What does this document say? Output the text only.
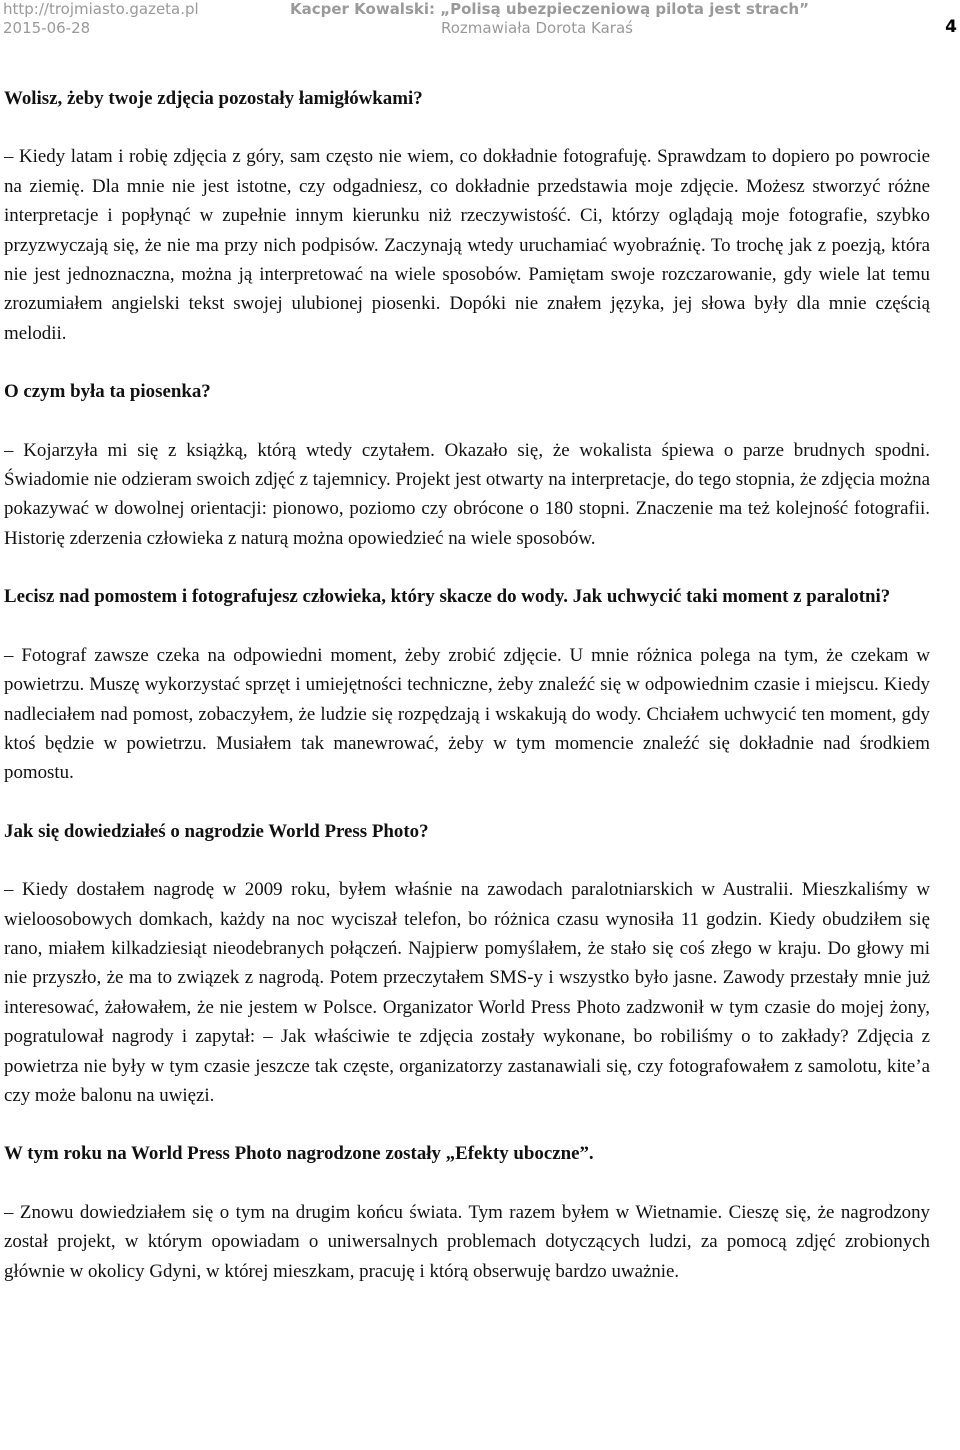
http://trojmiasto.gazeta.pl
2015-06-28
Kacper Kowalski: „Polisą ubezpieczeniową pilota jest strach”
Rozmawiała Dorota Karaś	4

Wolisz, żeby twoje zdjęcia pozostały łamigłówkami?

– Kiedy latam i robię zdjęcia z góry, sam często nie wiem, co dokładnie fotografuję. Sprawdzam to dopiero po powrocie na ziemię. Dla mnie nie jest istotne, czy odgadniesz, co dokładnie przedstawia moje zdjęcie. Możesz stworzyć różne interpretacje i popłynąć w zupełnie innym kierunku niż rzeczywistość. Ci, którzy oglądają moje fotografie, szybko przyzwyczają się, że nie ma przy nich podpisów. Zaczynają wtedy uruchamiać wyobraźnię. To trochę jak z poezją, która nie jest jednoznaczna, można ją interpretować na wiele sposobów. Pamiętam swoje rozczarowanie, gdy wiele lat temu zrozumiałem angielski tekst swojej ulubionej piosenki. Dopóki nie znałem języka, jej słowa były dla mnie częścią melodii.

O czym była ta piosenka?

– Kojarzyła mi się z książką, którą wtedy czytałem. Okazało się, że wokalista śpiewa o parze brudnych spodni. Świadomie nie odzieram swoich zdjęć z tajemnicy. Projekt jest otwarty na interpretacje, do tego stopnia, że zdjęcia można pokazywać w dowolnej orientacji: pionowo, poziomo czy obrócone o 180 stopni. Znaczenie ma też kolejność fotografii. Historię zderzenia człowieka z naturą można opowiedzieć na wiele sposobów.

Lecisz nad pomostem i fotografujesz człowieka, który skacze do wody. Jak uchwycić taki moment z paralotni?

– Fotograf zawsze czeka na odpowiedni moment, żeby zrobić zdjęcie. U mnie różnica polega na tym, że czekam w powietrzu. Muszę wykorzystać sprzęt i umiejętności techniczne, żeby znaleźć się w odpowiednim czasie i miejscu. Kiedy nadleciałem nad pomost, zobaczyłem, że ludzie się rozpędzają i wskakują do wody. Chciałem uchwycić ten moment, gdy ktoś będzie w powietrzu. Musiałem tak manewrować, żeby w tym momencie znaleźć się dokładnie nad środkiem pomostu.

Jak się dowiedziałeś o nagrodzie World Press Photo?

– Kiedy dostałem nagrodę w 2009 roku, byłem właśnie na zawodach paralotniarskich w Australii. Mieszkaliśmy w wieloosobowych domkach, każdy na noc wyciszał telefon, bo różnica czasu wynosiła 11 godzin. Kiedy obudziłem się rano, miałem kilkadziesiąt nieodebranych połączeń. Najpierw pomyślałem, że stało się coś złego w kraju. Do głowy mi nie przyszło, że ma to związek z nagrodą. Potem przeczytałem SMS-y i wszystko było jasne. Zawody przestały mnie już interesować, żałowałem, że nie jestem w Polsce. Organizator World Press Photo zadzwonił w tym czasie do mojej żony, pogratulował nagrody i zapytał: – Jak właściwie te zdjęcia zostały wykonane, bo robiliśmy o to zakłady? Zdjęcia z powietrza nie były w tym czasie jeszcze tak częste, organizatorzy zastanawiali się, czy fotografowałem z samolotu, kite’a czy może balonu na uwięzi.

W tym roku na World Press Photo nagrodzone zostały „Efekty uboczne”.

– Znowu dowiedziałem się o tym na drugim końcu świata. Tym razem byłem w Wietnamie. Cieszę się, że nagrodzony został projekt, w którym opowiadam o uniwersalnych problemach dotyczących ludzi, za pomocą zdjęć zrobionych głównie w okolicy Gdyni, w której mieszkam, pracuję i którą obserwuję bardzo uważnie.
